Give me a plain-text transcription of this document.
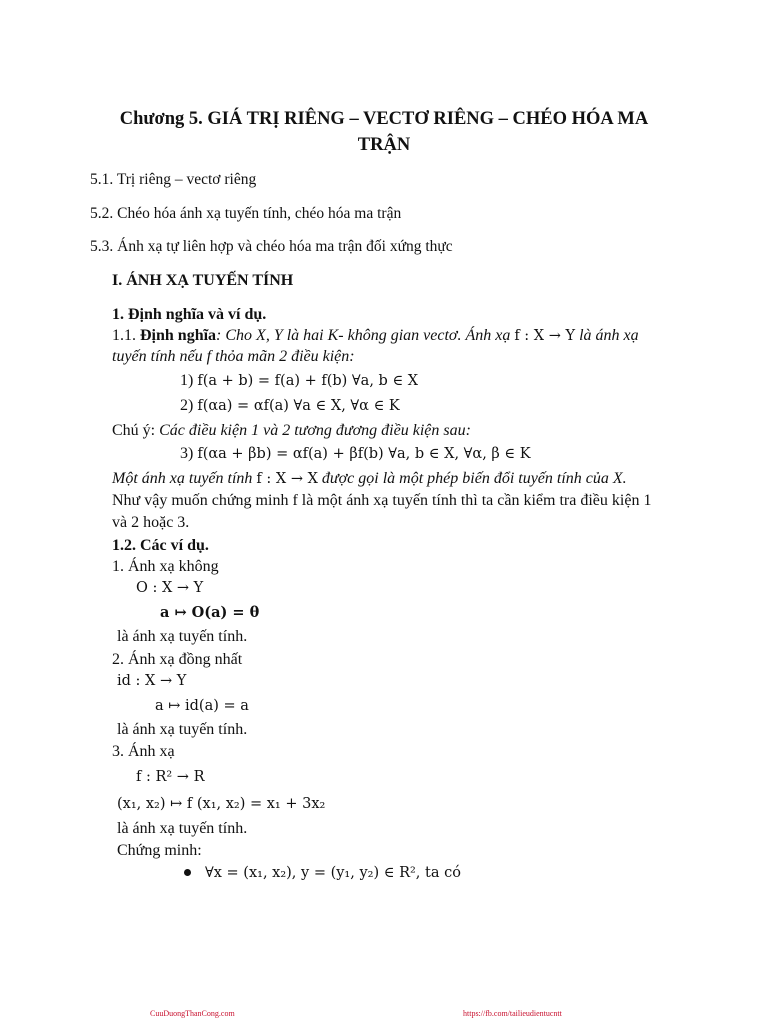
Chương 5. GIÁ TRỊ RIÊNG – VECTƠ RIÊNG – CHÉO HÓA MA TRẬN
5.1. Trị riêng – vectơ riêng
5.2. Chéo hóa ánh xạ tuyến tính, chéo hóa ma trận
5.3. Ánh xạ tự liên hợp và chéo hóa ma trận đối xứng thực
I. ÁNH XẠ TUYẾN TÍNH
1. Định nghĩa và ví dụ.
1.1. Định nghĩa: Cho X, Y là hai K- không gian vectơ. Ánh xạ f : X → Y là ánh xạ
tuyến tính nếu f thỏa mãn 2 điều kiện:
1) f(a + b) = f(a) + f(b) ∀a, b ∈ X
2) f(αa) = αf(a) ∀a ∈ X, ∀α ∈ K
Chú ý: Các điều kiện 1 và 2 tương đương điều kiện sau:
3) f(αa + βb) = αf(a) + βf(b) ∀a, b ∈ X, ∀α, β ∈ K
Một ánh xạ tuyến tính f : X → X được gọi là một phép biến đổi tuyến tính của X.
Như vậy muốn chứng minh f là một ánh xạ tuyến tính thì ta cần kiểm tra điều kiện 1
và 2 hoặc 3.
1.2. Các ví dụ.
1. Ánh xạ không
O : X → Y
a ↦ O(a) = θ
là ánh xạ tuyến tính.
2. Ánh xạ đồng nhất
id : X → Y
a ↦ id(a) = a
là ánh xạ tuyến tính.
3. Ánh xạ
f : R² → R
(x₁, x₂) ↦ f (x₁, x₂) = x₁ + 3x₂
là ánh xạ tuyến tính.
Chứng minh:
∀x = (x₁, x₂), y = (y₁, y₂) ∈ R², ta có
CuuDuongThanCong.com	https://fb.com/tailieudientucntt
